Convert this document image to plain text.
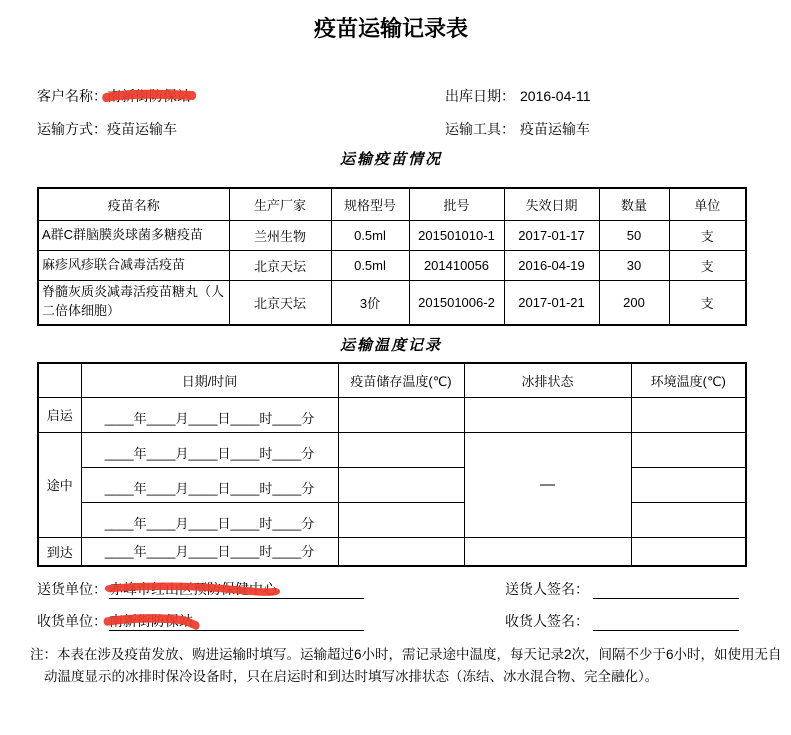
疫苗运输记录表
客户名称：南新街防保站	出库日期： 2016-04-11
运输方式：疫苗运输车	运输工具： 疫苗运输车
运输疫苗情况
疫苗名称	生产厂家	规格型号	批号	失效日期	数量	单位
A群C群脑膜炎球菌多糖疫苗	兰州生物	0.5ml	201501010-1	2017-01-17	50	支
麻疹风疹联合减毒活疫苗	北京天坛	0.5ml	201410056	2016-04-19	30	支
脊髓灰质炎减毒活疫苗糖丸（人二倍体细胞）	北京天坛	3价	201501006-2	2017-01-21	200	支
运输温度记录
	日期/时间	疫苗储存温度(℃)	冰排状态	环境温度(℃)
启运	____年____月____日____时____分			
途中	____年____月____日____时____分		—	
	____年____月____日____时____分			
	____年____月____日____时____分			
到达	____年____月____日____时____分			
送货单位： 赤峰市红山区预防保健中心	送货人签名：
收货单位： 南新街防保站	收货人签名：
注：本表在涉及疫苗发放、购进运输时填写。运输超过6小时，需记录途中温度，每天记录2次，间隔不少于6小时，如使用无自动温度显示的冰排时保冷设备时，只在启运时和到达时填写冰排状态（冻结、冰水混合物、完全融化）。
